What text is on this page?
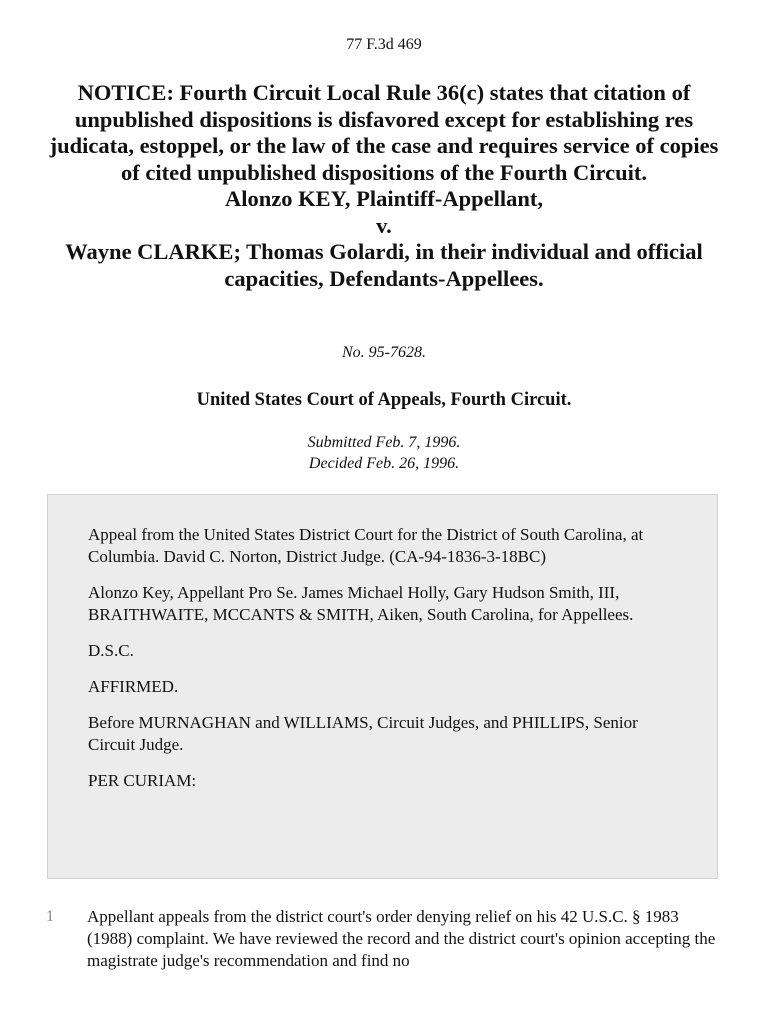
77 F.3d 469
NOTICE: Fourth Circuit Local Rule 36(c) states that citation of unpublished dispositions is disfavored except for establishing res judicata, estoppel, or the law of the case and requires service of copies of cited unpublished dispositions of the Fourth Circuit.
Alonzo KEY, Plaintiff-Appellant,
v.
Wayne CLARKE; Thomas Golardi, in their individual and official capacities, Defendants-Appellees.
No. 95-7628.
United States Court of Appeals, Fourth Circuit.
Submitted Feb. 7, 1996.
Decided Feb. 26, 1996.

Appeal from the United States District Court for the District of South Carolina, at Columbia. David C. Norton, District Judge. (CA-94-1836-3-18BC)

Alonzo Key, Appellant Pro Se. James Michael Holly, Gary Hudson Smith, III, BRAITHWAITE, MCCANTS & SMITH, Aiken, South Carolina, for Appellees.

D.S.C.

AFFIRMED.

Before MURNAGHAN and WILLIAMS, Circuit Judges, and PHILLIPS, Senior Circuit Judge.

PER CURIAM:

1 Appellant appeals from the district court's order denying relief on his 42 U.S.C. § 1983 (1988) complaint. We have reviewed the record and the district court's opinion accepting the magistrate judge's recommendation and find no
